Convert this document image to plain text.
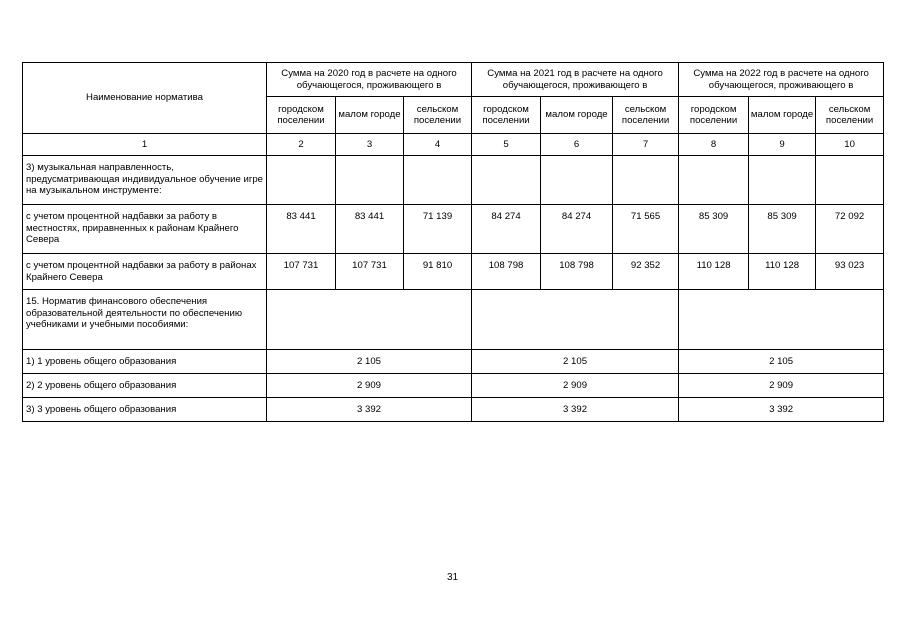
Наименование норматива	Сумма на 2020 год в расчете на одного обучающегося, проживающего в			Сумма на 2021 год в расчете на одного обучающегося, проживающего в			Сумма на 2022 год в расчете на одного обучающегося, проживающего в		
	городском поселении	малом городе	сельском поселении	городском поселении	малом городе	сельском поселении	городском поселении	малом городе	сельском поселении
1	2	3	4	5	6	7	8	9	10
3) музыкальная направленность, предусматривающая индивидуальное обучение игре на музыкальном инструменте:									
с учетом процентной надбавки за работу в местностях, приравненных к районам Крайнего Севера	83 441	83 441	71 139	84 274	84 274	71 565	85 309	85 309	72 092
с учетом процентной надбавки за работу в районах Крайнего Севера	107 731	107 731	91 810	108 798	108 798	92 352	110 128	110 128	93 023
15. Норматив финансового обеспечения образовательной деятельности по обеспечению учебниками и учебными пособиями:									
1) 1 уровень общего образования	2 105			2 105			2 105		
2) 2 уровень общего образования	2 909			2 909			2 909		
3) 3 уровень общего образования	3 392			3 392			3 392		
31
